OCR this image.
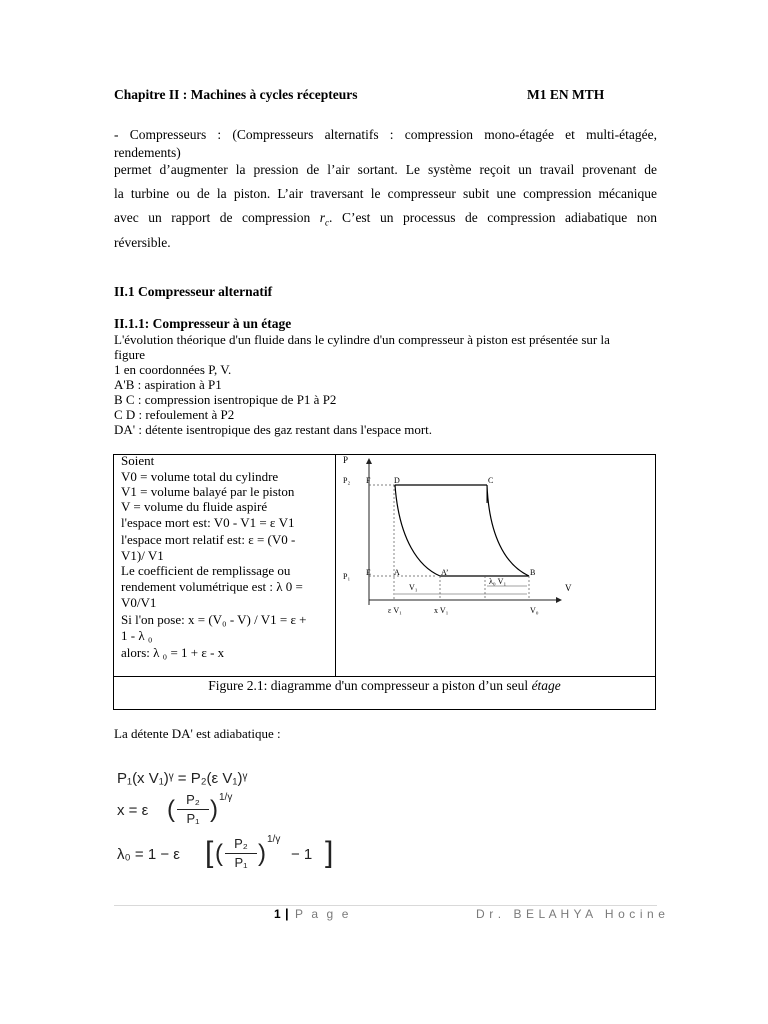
Chapitre II : Machines à cycles récepteurs	M1 EN MTH
- Compresseurs : (Compresseurs alternatifs : compression mono-étagée et multi-étagée,
rendements)
permet d’augmenter la pression de l’air sortant. Le système reçoit un travail provenant de
la turbine ou de la piston. L’air traversant le compresseur subit une compression mécanique
avec un rapport de compression $r_c$. C’est un processus de compression adiabatique non
réversible.
II.1 Compresseur alternatif
II.1.1: Compresseur à un étage
L'évolution théorique d'un fluide dans le cylindre d'un compresseur à piston est présentée sur la
figure
1 en coordonnées P, V.
A'B : aspiration à P1
B C : compression isentropique de P1 à P2
C D : refoulement à P2
DA' : détente isentropique des gaz restant dans l'espace mort.
Soient
V0 = volume total du cylindre
V1 = volume balayé par le piston
V = volume du fluide aspiré
l'espace mort est: V0 - V1 = ε V1
l'espace mort relatif est: ε = (V0 -
V1)/ V1
Le coefficient de remplissage ou
rendement volumétrique est : λ 0 =
V0/V1
Si l'on pose: x = (V₀ - V) / V1 = ε +
1 - λ ₀
alors: λ ₀ = 1 + ε - x
P
V
P₂
P₁
F	D	C
E	A	A’	B
V₁
λ₀ V₁
ε V₁	x V₁	V₀
Figure 2.1: diagramme d'un compresseur a piston d’un seul étage
La détente DA' est adiabatique :
P₁(x V₁)ᵞ = P₂(ε V₁)ᵞ
x = ε ( P₂
P₁ ) 1/γ
λ₀ = 1 − ε [ ( P₂
P₁ )
1/γ
− 1 ]
1 | P a g e	D r .   B E L A H Y A   H o c i n e
